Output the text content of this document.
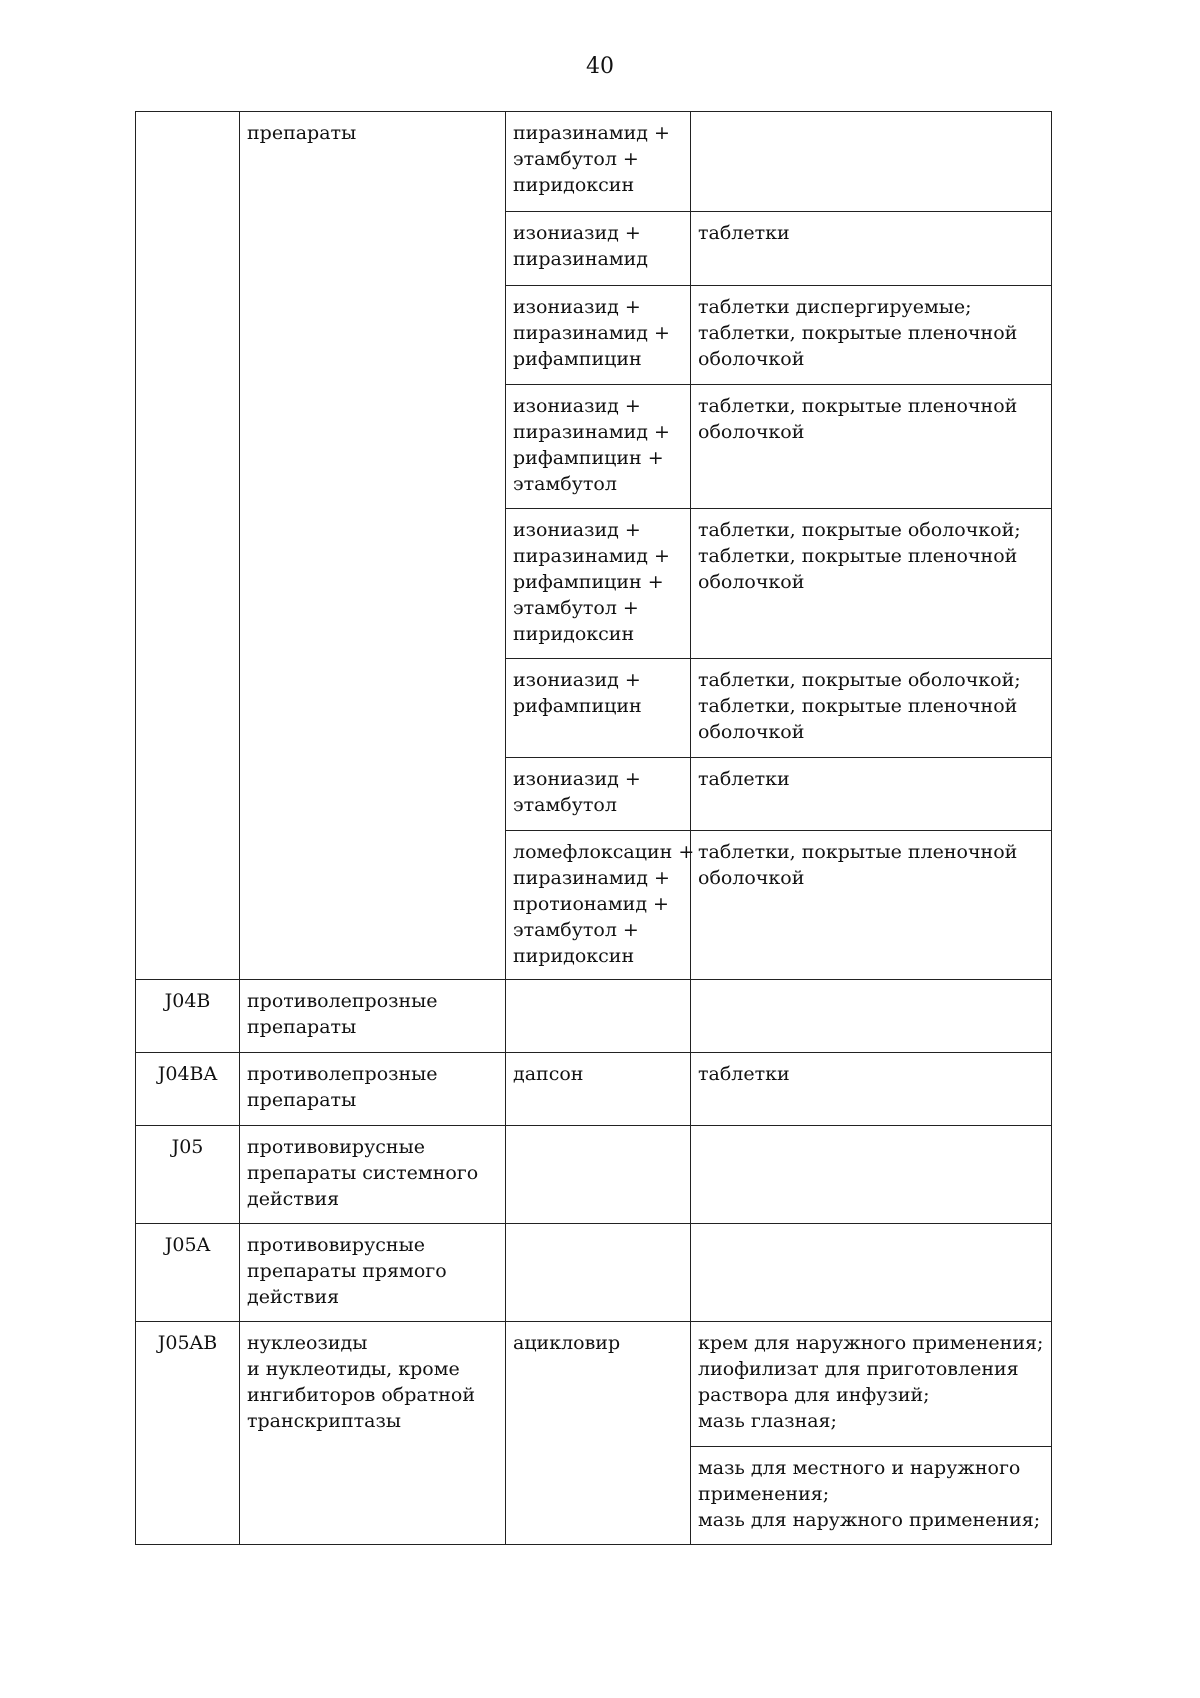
40

	препараты	пиразинамид +
этамбутол +
пиридоксин	

		изониазид +
пиразинамид	таблетки

		изониазид +
пиразинамид +
рифампицин	таблетки диспергируемые;
таблетки, покрытые пленочной
оболочкой

		изониазид +
пиразинамид +
рифампицин +
этамбутол	таблетки, покрытые пленочной
оболочкой

		изониазид +
пиразинамид +
рифампицин +
этамбутол +
пиридоксин	таблетки, покрытые оболочкой;
таблетки, покрытые пленочной
оболочкой

		изониазид +
рифампицин	таблетки, покрытые оболочкой;
таблетки, покрытые пленочной
оболочкой

		изониазид +
этамбутол	таблетки

		ломефлоксацин +
пиразинамид +
протионамид +
этамбутол +
пиридоксин	таблетки, покрытые пленочной
оболочкой

J04B	противолепрозные
препараты		

J04BA	противолепрозные
препараты	дапсон	таблетки

J05	противовирусные
препараты системного
действия		

J05A	противовирусные
препараты прямого
действия		

J05AB	нуклеозиды
и нуклеотиды, кроме
ингибиторов обратной
транскриптазы	ацикловир	крем для наружного применения;
лиофилизат для приготовления
раствора для инфузий;
мазь глазная;

			мазь для местного и наружного
применения;
мазь для наружного применения;
